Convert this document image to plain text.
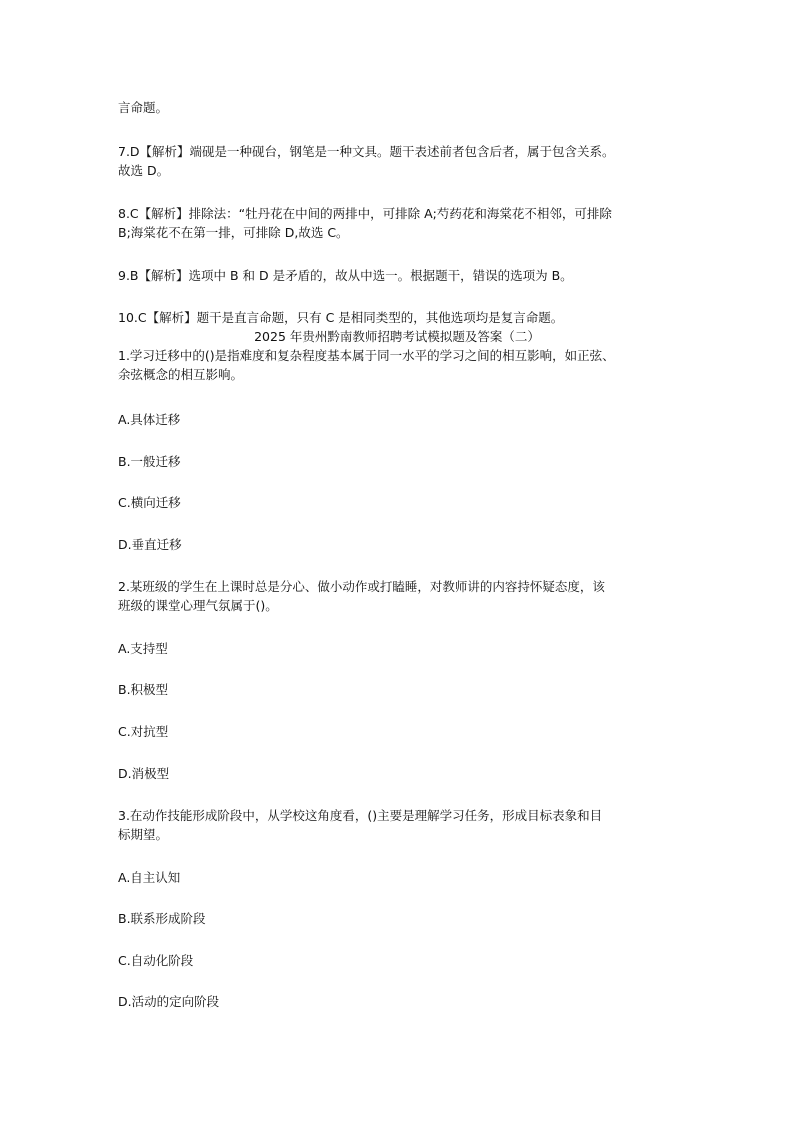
言命题。
7.D【解析】端砚是一种砚台，钢笔是一种文具。题干表述前者包含后者，属于包含关系。
故选 D。
8.C【解析】排除法：“牡丹花在中间的两排中，可排除 A;芍药花和海棠花不相邻，可排除
B;海棠花不在第一排，可排除 D,故选 C。
9.B【解析】选项中 B 和 D 是矛盾的，故从中选一。根据题干，错误的选项为 B。
10.C【解析】题干是直言命题，只有 C 是相同类型的，其他选项均是复言命题。
2025 年贵州黔南教师招聘考试模拟题及答案（二）
1.学习迁移中的()是指难度和复杂程度基本属于同一水平的学习之间的相互影响，如正弦、
余弦概念的相互影响。
A.具体迁移
B.一般迁移
C.横向迁移
D.垂直迁移
2.某班级的学生在上课时总是分心、做小动作或打瞌睡，对教师讲的内容持怀疑态度，该
班级的课堂心理气氛属于()。
A.支持型
B.积极型
C.对抗型
D.消极型
3.在动作技能形成阶段中，从学校这角度看，()主要是理解学习任务，形成目标表象和目
标期望。
A.自主认知
B.联系形成阶段
C.自动化阶段
D.活动的定向阶段
